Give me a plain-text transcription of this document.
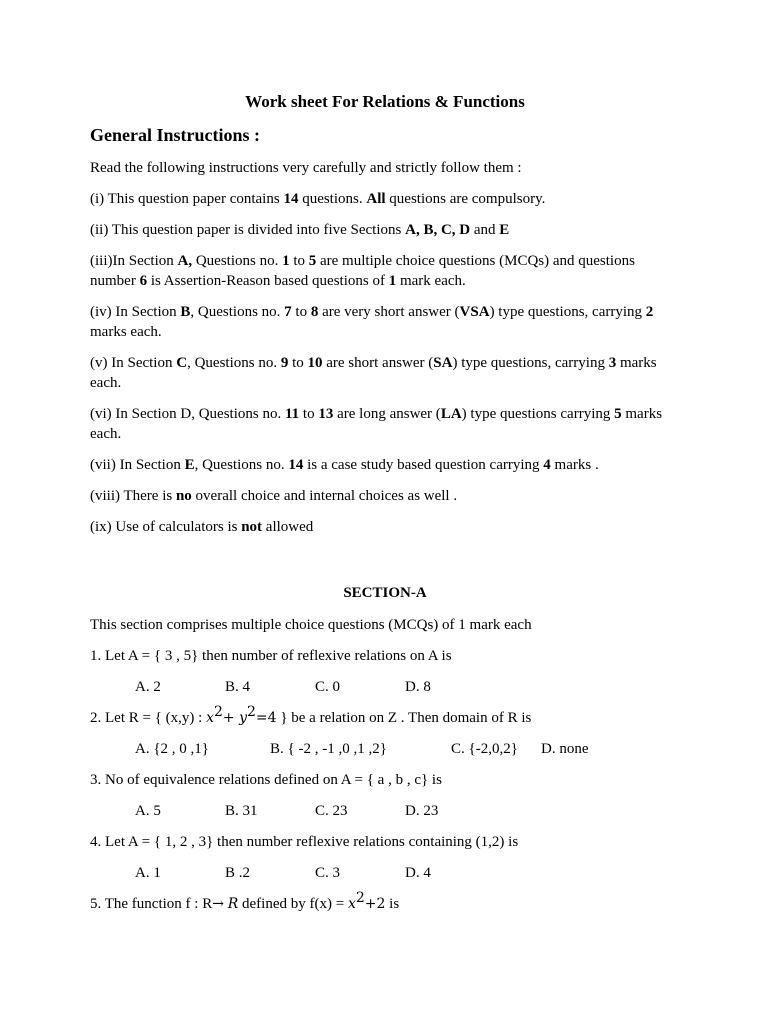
Work sheet For Relations & Functions
General Instructions :
Read the following instructions very carefully and strictly follow them :
(i) This question paper contains 14 questions. All questions are compulsory.
(ii) This question paper is divided into five Sections A, B, C, D and E
(iii)In Section A, Questions no. 1 to 5 are multiple choice questions (MCQs) and questions number 6 is Assertion-Reason based questions of 1 mark each.
(iv) In Section B, Questions no. 7 to 8 are very short answer (VSA) type questions, carrying 2 marks each.
(v) In Section C, Questions no. 9 to 10 are short answer (SA) type questions, carrying 3 marks each.
(vi) In Section D, Questions no. 11 to 13 are long answer (LA) type questions carrying 5 marks each.
(vii) In Section E, Questions no. 14 is a case study based question carrying 4 marks .
(viii) There is no overall choice and internal choices as well .
(ix) Use of calculators is not allowed
SECTION-A
This section comprises multiple choice questions (MCQs) of 1 mark each
1. Let A = { 3 , 5} then number of reflexive relations on A is
A. 2	B. 4	C. 0	D. 8
2. Let R = { (x,y) : $x^2+ y^2=4$ } be a relation on Z . Then domain of R is
A. {2 , 0 ,1}	B. { -2 , -1 ,0 ,1 ,2}	C. {-2,0,2}	D. none
3. No of equivalence relations defined on A = { a , b , c} is
A. 5	B. 31	C. 23	D. 23
4. Let A = { 1, 2 , 3} then number reflexive relations containing (1,2) is
A. 1	B .2	C. 3	D. 4
5. The function f : R→ R defined by $f(x) = x^2+2$ is
